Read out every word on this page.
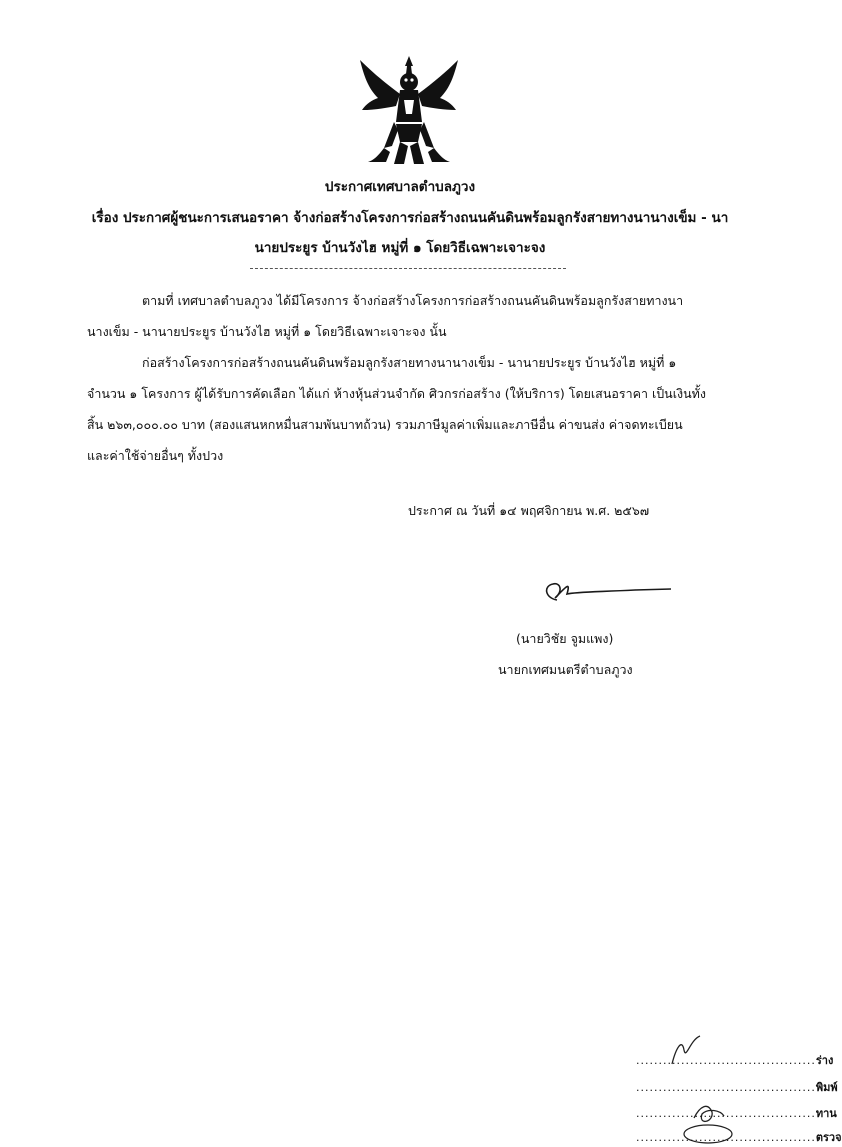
ประกาศเทศบาลตำบลภูวง
เรื่อง ประกาศผู้ชนะการเสนอราคา จ้างก่อสร้างโครงการก่อสร้างถนนคันดินพร้อมลูกรังสายทางนานางเข็ม - นา
นายประยูร บ้านวังไฮ หมู่ที่ ๑ โดยวิธีเฉพาะเจาะจง
ตามที่ เทศบาลตำบลภูวง ได้มีโครงการ จ้างก่อสร้างโครงการก่อสร้างถนนคันดินพร้อมลูกรังสายทางนา
นางเข็ม - นานายประยูร บ้านวังไฮ หมู่ที่ ๑ โดยวิธีเฉพาะเจาะจง นั้น
ก่อสร้างโครงการก่อสร้างถนนคันดินพร้อมลูกรังสายทางนานางเข็ม - นานายประยูร บ้านวังไฮ หมู่ที่ ๑
จำนวน ๑ โครงการ ผู้ได้รับการคัดเลือก ได้แก่ ห้างหุ้นส่วนจำกัด ศิวกรก่อสร้าง (ให้บริการ) โดยเสนอราคา เป็นเงินทั้ง
สิ้น ๒๖๓,๐๐๐.๐๐ บาท (สองแสนหกหมื่นสามพันบาทถ้วน) รวมภาษีมูลค่าเพิ่มและภาษีอื่น ค่าขนส่ง ค่าจดทะเบียน
และค่าใช้จ่ายอื่นๆ ทั้งปวง
ประกาศ ณ วันที่ ๑๔ พฤศจิกายน พ.ศ. ๒๕๖๗
(นายวิชัย จูมแพง)
นายกเทศมนตรีตำบลภูวง
........................................ร่าง
........................................พิมพ์
........................................ทาน
........................................ตรวจ
